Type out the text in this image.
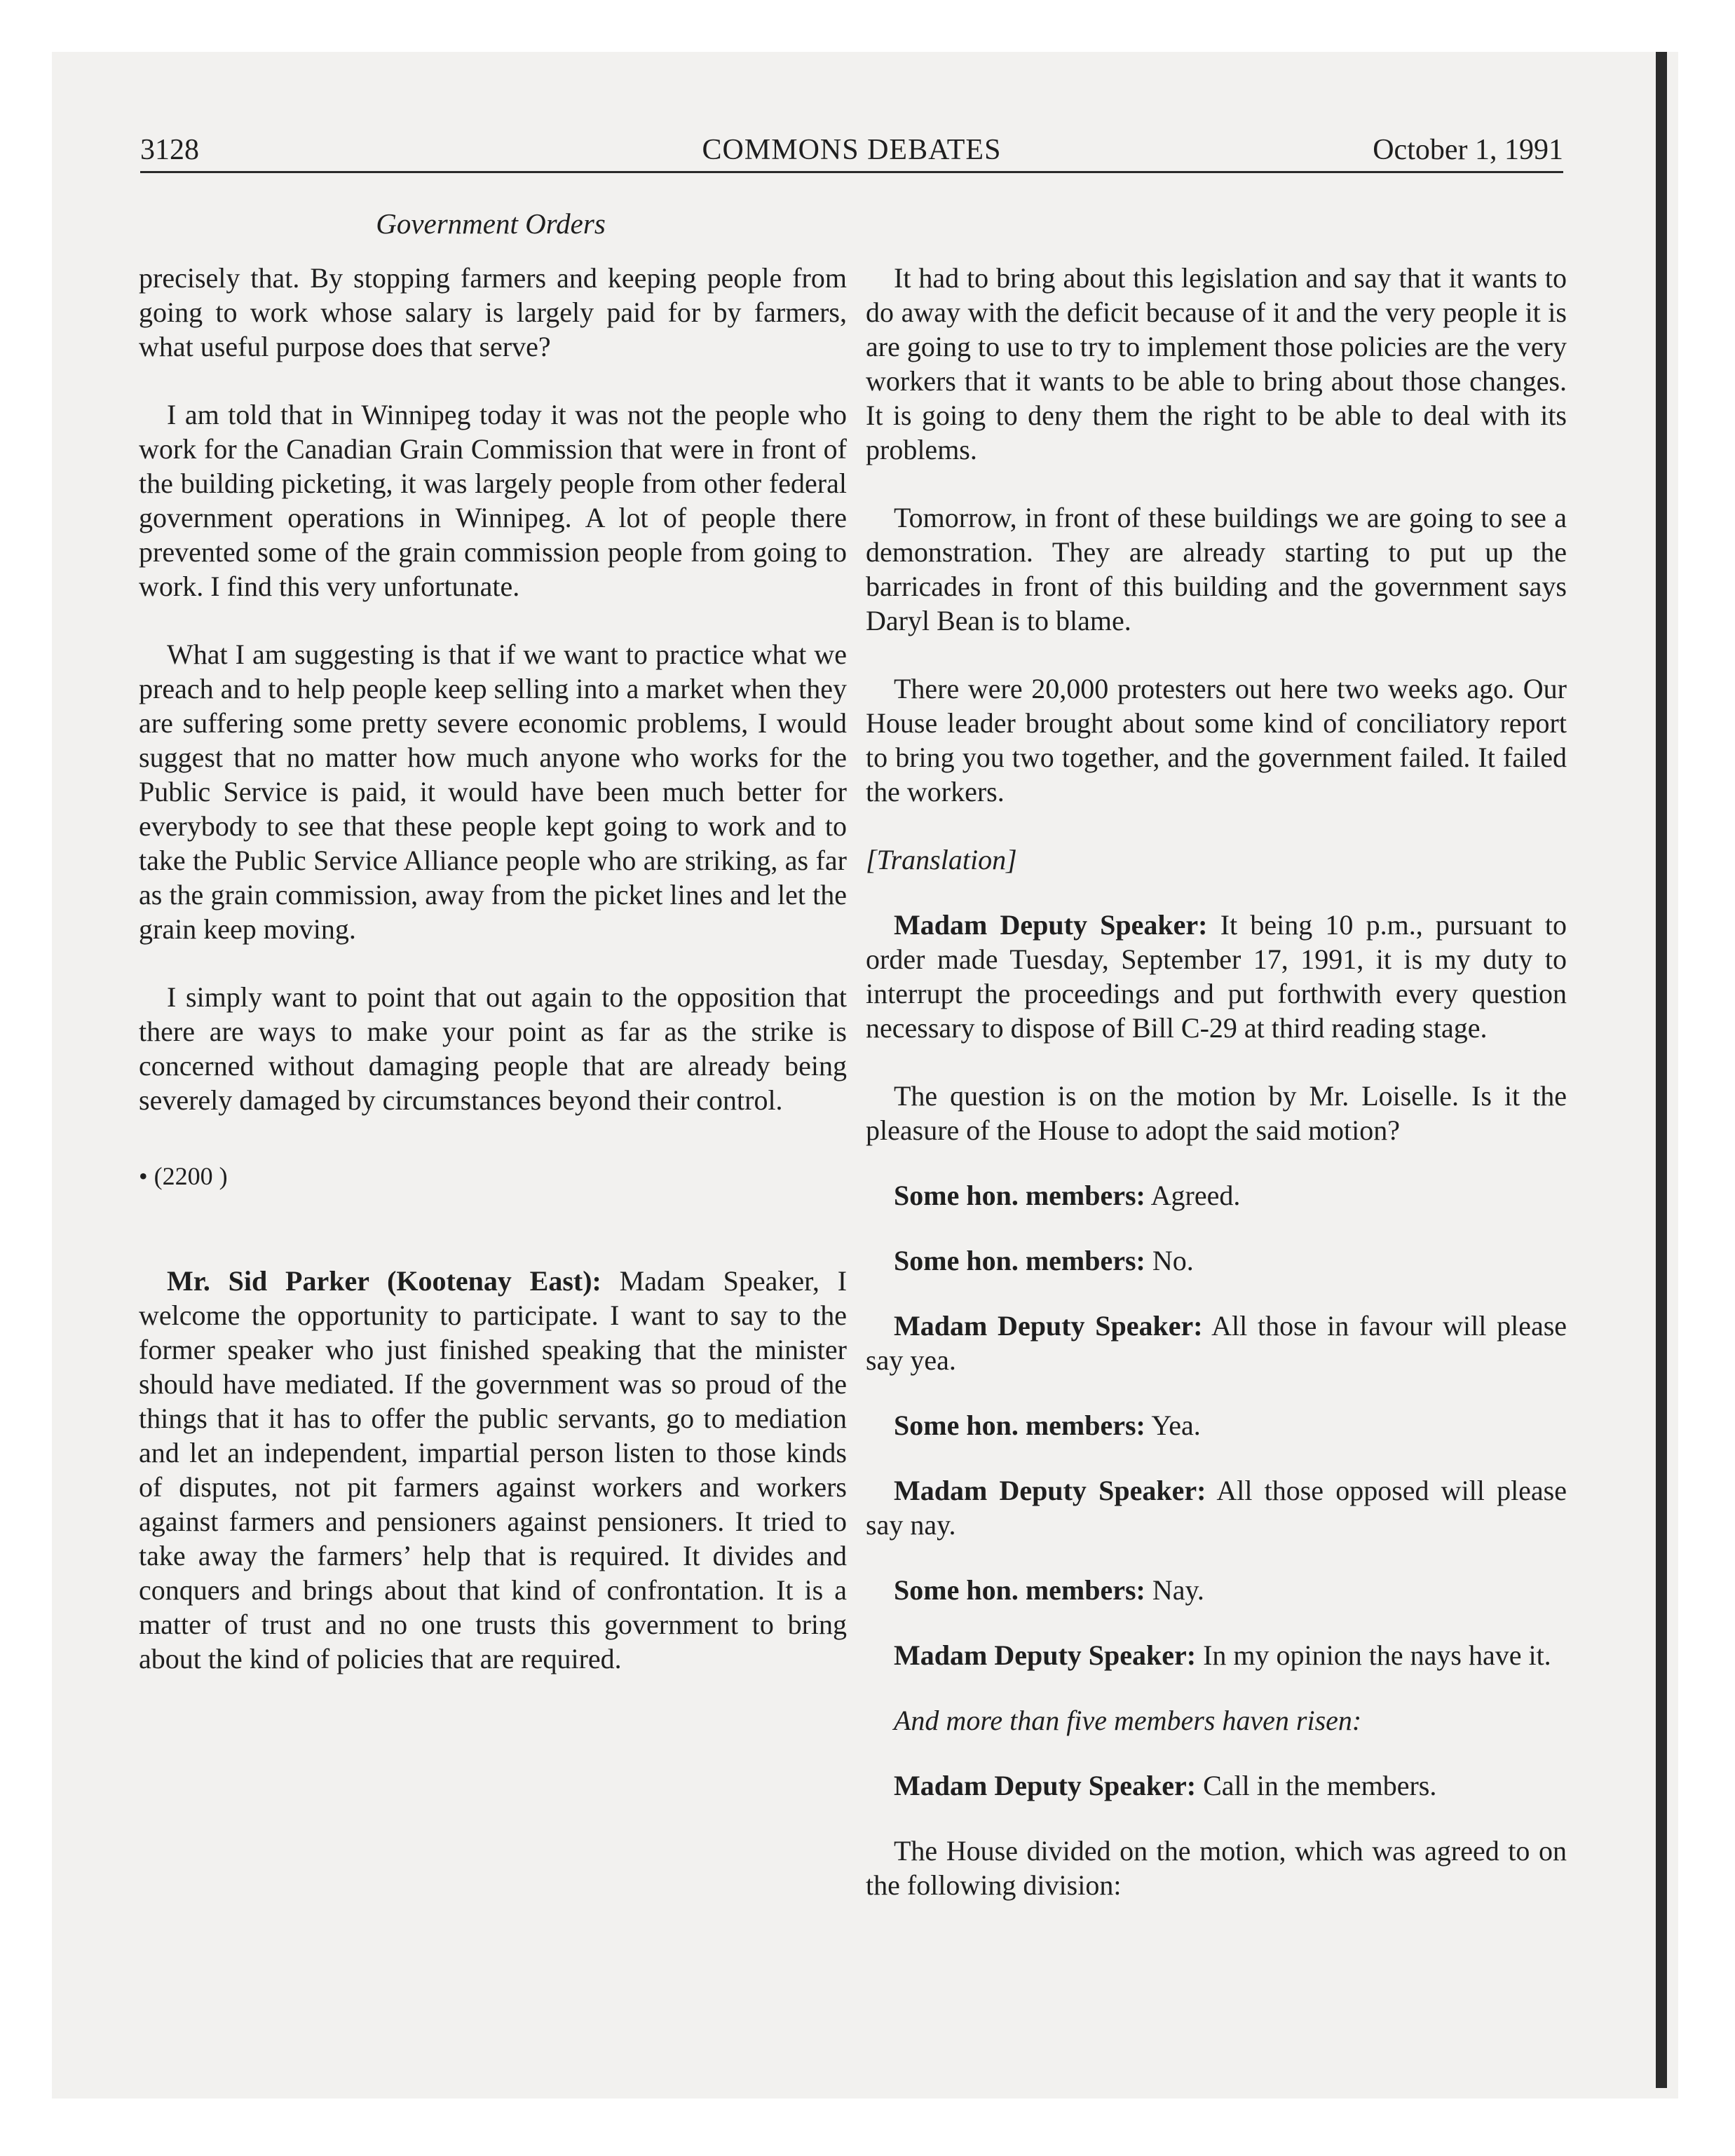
3128	COMMONS DEBATES	October 1, 1991
Government Orders

precisely that. By stopping farmers and keeping people from going to work whose salary is largely paid for by farmers, what useful purpose does that serve?

I am told that in Winnipeg today it was not the people who work for the Canadian Grain Commission that were in front of the building picketing, it was largely people from other federal government operations in Winnipeg. A lot of people there prevented some of the grain commission people from going to work. I find this very unfortunate.

What I am suggesting is that if we want to practice what we preach and to help people keep selling into a market when they are suffering some pretty severe economic problems, I would suggest that no matter how much anyone who works for the Public Service is paid, it would have been much better for everybody to see that these people kept going to work and to take the Public Service Alliance people who are striking, as far as the grain commission, away from the picket lines and let the grain keep moving.

I simply want to point that out again to the opposition that there are ways to make your point as far as the strike is concerned without damaging people that are already being severely damaged by circumstances beyond their control.

• (2200 )

Mr. Sid Parker (Kootenay East): Madam Speaker, I welcome the opportunity to participate. I want to say to the former speaker who just finished speaking that the minister should have mediated. If the government was so proud of the things that it has to offer the public servants, go to mediation and let an independent, impartial person listen to those kinds of disputes, not pit farmers against workers and workers against farmers and pensioners against pensioners. It tried to take away the farmers’ help that is required. It divides and conquers and brings about that kind of confrontation. It is a matter of trust and no one trusts this government to bring about the kind of policies that are required.

It had to bring about this legislation and say that it wants to do away with the deficit because of it and the very people it is are going to use to try to implement those policies are the very workers that it wants to be able to bring about those changes. It is going to deny them the right to be able to deal with its problems.

Tomorrow, in front of these buildings we are going to see a demonstration. They are already starting to put up the barricades in front of this building and the government says Daryl Bean is to blame.

There were 20,000 protesters out here two weeks ago. Our House leader brought about some kind of conciliatory report to bring you two together, and the government failed. It failed the workers.

[Translation]

Madam Deputy Speaker: It being 10 p.m., pursuant to order made Tuesday, September 17, 1991, it is my duty to interrupt the proceedings and put forthwith every question necessary to dispose of Bill C-29 at third reading stage.

The question is on the motion by Mr. Loiselle. Is it the pleasure of the House to adopt the said motion?

Some hon. members: Agreed.

Some hon. members: No.

Madam Deputy Speaker: All those in favour will please say yea.

Some hon. members: Yea.

Madam Deputy Speaker: All those opposed will please say nay.

Some hon. members: Nay.

Madam Deputy Speaker: In my opinion the nays have it.

And more than five members haven risen:

Madam Deputy Speaker: Call in the members.

The House divided on the motion, which was agreed to on the following division:
